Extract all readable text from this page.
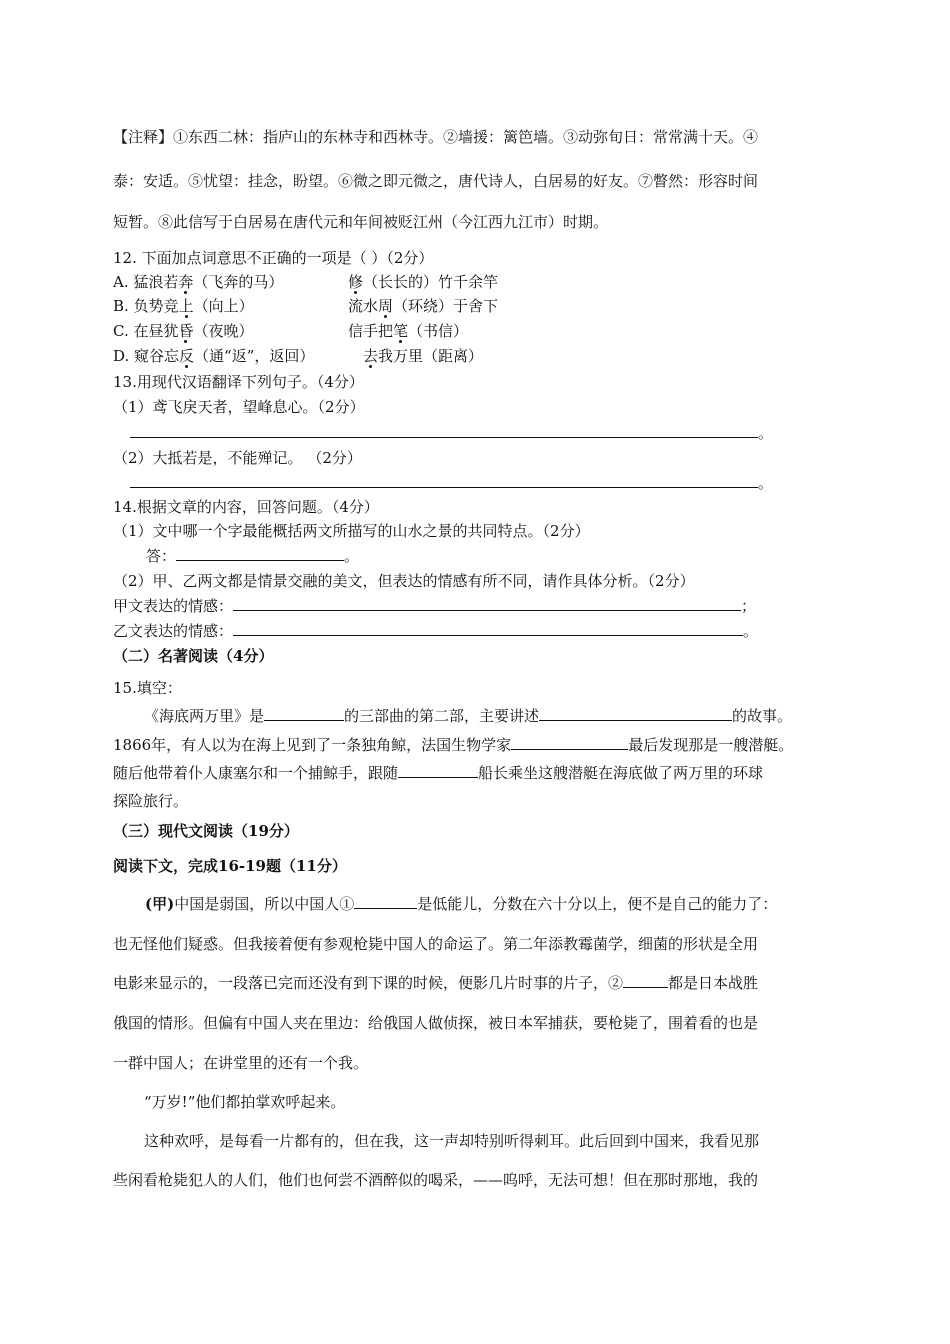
【注释】①东西二林：指庐山的东林寺和西林寺。②墙援：篱笆墙。③动弥旬日：常常满十天。④
泰：安适。⑤忧望：挂念，盼望。⑥微之即元微之，唐代诗人，白居易的好友。⑦瞥然：形容时间
短暂。⑧此信写于白居易在唐代元和年间被贬江州（今江西九江市）时期。
12. 下面加点词意思不正确的一项是（ ）（2分）
A. 猛浪若奔（飞奔的马）	修（长长的）竹千余竿
B. 负势竞上（向上）	流水周（环绕）于舍下
C. 在昼犹昏（夜晚）	信手把笔（书信）
D. 窥谷忘反（通“返”，返回）	去我万里（距离）
13.用现代汉语翻译下列句子。（4分）
（1）鸢飞戾天者，望峰息心。（2分）
。
（2）大抵若是，不能殚记。 （2分）
。
14.根据文章的内容，回答问题。（4分）
（1）文中哪一个字最能概括两文所描写的山水之景的共同特点。（2分）
答：	。
（2）甲、乙两文都是情景交融的美文，但表达的情感有所不同，请作具体分析。（2分）
甲文表达的情感：	；
乙文表达的情感：	。
（二）名著阅读（4分）
15.填空：
《海底两万里》是	的三部曲的第二部，主要讲述	的故事。
1866年，有人以为在海上见到了一条独角鲸，法国生物学家	最后发现那是一艘潜艇。
随后他带着仆人康塞尔和一个捕鲸手，跟随	船长乘坐这艘潜艇在海底做了两万里的环球
探险旅行。
（三）现代文阅读（19分）
阅读下文，完成16-19题（11分）
(甲)中国是弱国，所以中国人①	是低能儿，分数在六十分以上，便不是自己的能力了：
也无怪他们疑惑。但我接着便有参观枪毙中国人的命运了。第二年添教霉菌学，细菌的形状是全用
电影来显示的，一段落已完而还没有到下课的时候，便影几片时事的片子，②	都是日本战胜
俄国的情形。但偏有中国人夹在里边：给俄国人做侦探，被日本军捕获，要枪毙了，围着看的也是
一群中国人；在讲堂里的还有一个我。
“万岁!”他们都拍掌欢呼起来。
这种欢呼，是每看一片都有的，但在我，这一声却特别听得刺耳。此后回到中国来，我看见那
些闲看枪毙犯人的人们，他们也何尝不酒醉似的喝采，——呜呼，无法可想！但在那时那地，我的
